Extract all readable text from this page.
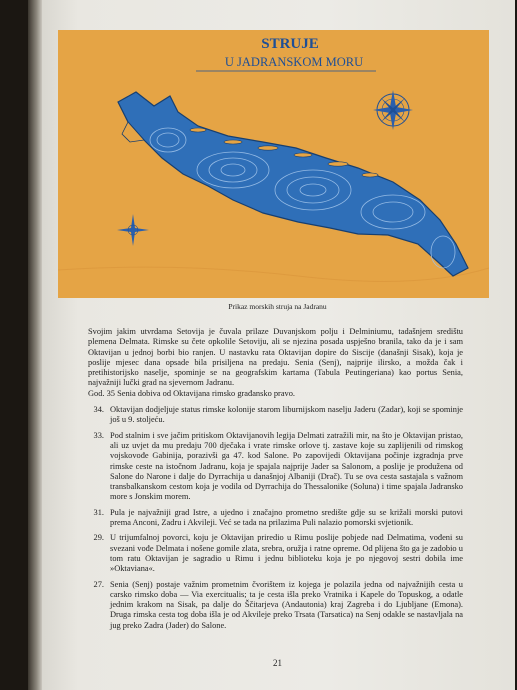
STRUJE
U JADRANSKOM MORU
Prikaz morskih struja na Jadranu

Svojim jakim utvrdama Setovija je čuvala prilaze Duvanjskom polju i Delminiumu, tadašnjem središtu plemena Delmata. Rimske su čete opkolile Setoviju, ali se njezina posada uspješno branila, tako da je i sam Oktavijan u jednoj borbi bio ranjen. U nastavku rata Oktavijan dopire do Siscije (današnji Sisak), koja je poslije mjesec dana opsade bila prisiljena na predaju. Senia (Senj), najprije ilirsko, a možda čak i pretihistorijsko naselje, spominje se na geografskim kartama (Tabula Peutingeriana) kao portus Senia, najvažniji lučki grad na sjevernom Jadranu.
God. 35 Senia dobiva od Oktavijana rimsko građansko pravo.

34. Oktavijan dodjeljuje status rimske kolonije starom liburnijskom naselju Jaderu (Zadar), koji se spominje još u 9. stoljeću.
33. Pod stalnim i sve jačim pritiskom Oktavijanovih legija Delmati zatražili mir, na što je Oktavijan pristao, ali uz uvjet da mu predaju 700 dječaka i vrate rimske orlove tj. zastave koje su zaplijenili od rimskog vojskovođe Gabinija, porazivši ga 47. kod Salone. Po zapovijedi Oktavijana počinje izgradnja prve rimske ceste na istočnom Jadranu, koja je spajala najprije Jader sa Salonom, a poslije je produžena od Salone do Narone i dalje do Dyrrachija u današnjoj Albaniji (Drač). Tu se ova cesta sastajala s važnom transbalkanskom cestom koja je vodila od Dyrrachija do Thessalonike (Soluna) i time spajala Jadransko more s Jonskim morem.
31. Pula je najvažniji grad Istre, a ujedno i značajno prometno središte gdje su se križali morski putovi prema Anconi, Zadru i Akvileji. Već se tada na prilazima Puli nalazio pomorski svjetionik.
29. U trijumfalnoj povorci, koju je Oktavijan priredio u Rimu poslije pobjede nad Delmatima, vođeni su svezani vođe Delmata i nošene gomile zlata, srebra, oružja i ratne opreme. Od plijena što ga je zadobio u tom ratu Oktavijan je sagradio u Rimu i jednu biblioteku koja je po njegovoj sestri dobila ime »Oktaviana«.
27. Senia (Senj) postaje važnim prometnim čvorištem iz kojega je polazila jedna od najvažnijih cesta u carsko rimsko doba — Via exercitualis; ta je cesta išla preko Vratnika i Kapele do Topuskog, a odatle jednim krakom na Sisak, pa dalje do Ščitarjeva (Andautonia) kraj Zagreba i do Ljubljane (Emona). Druga rimska cesta tog doba išla je od Akvileje preko Trsata (Tarsatica) na Senj odakle se nastavljala na jug preko Zadra (Jader) do Salone.
21
